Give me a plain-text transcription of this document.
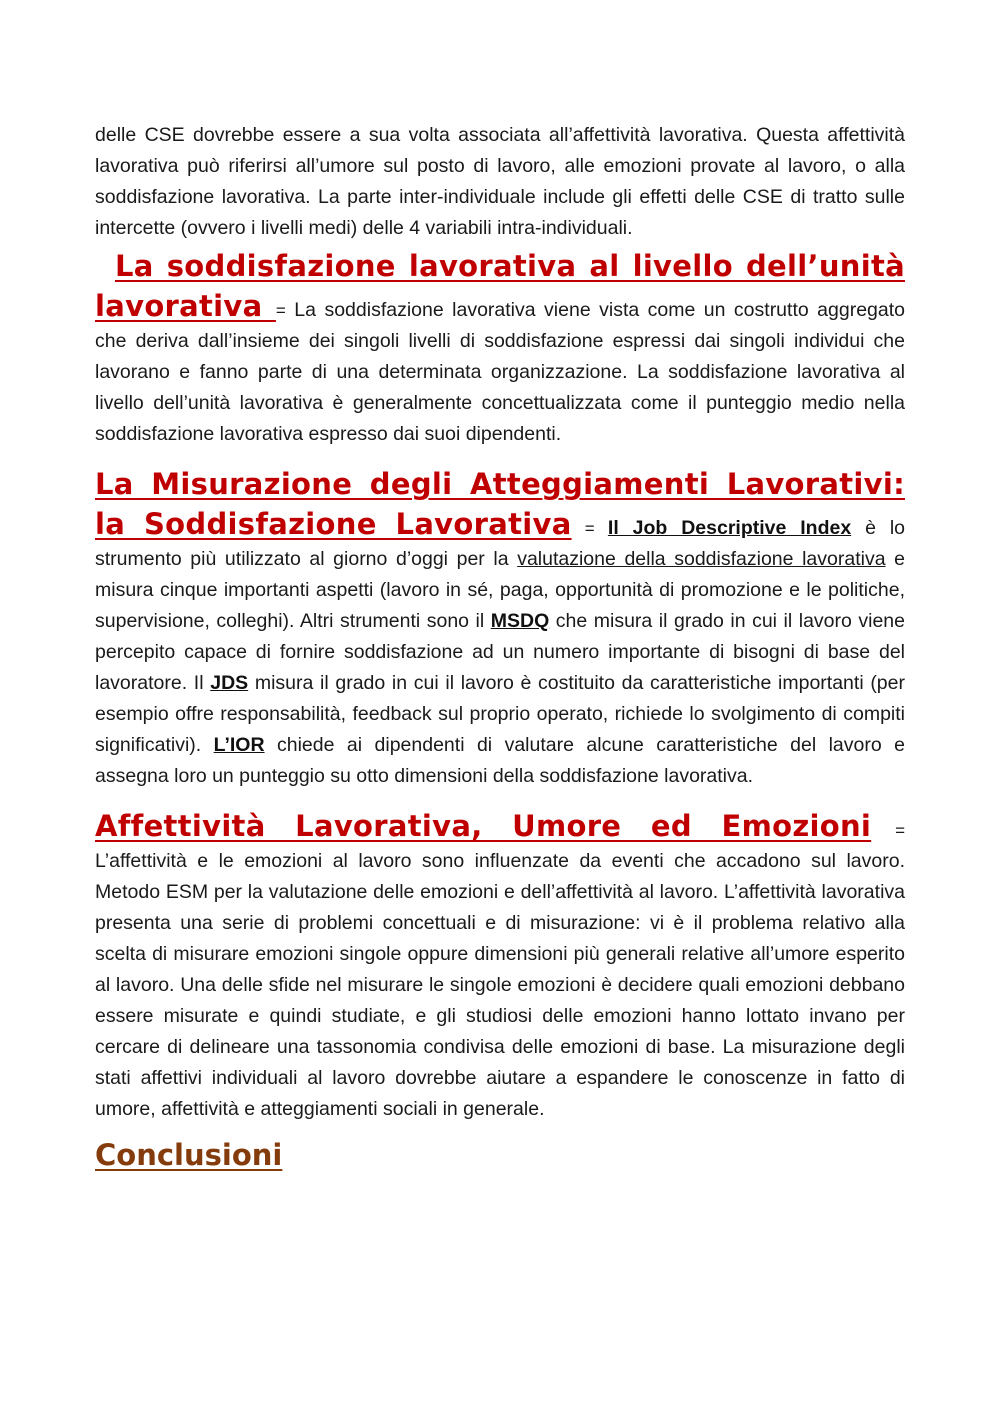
delle CSE dovrebbe essere a sua volta associata all’affettività lavorativa. Questa affettività lavorativa può riferirsi all’umore sul posto di lavoro, alle emozioni provate al lavoro, o alla soddisfazione lavorativa. La parte inter-individuale include gli effetti delle CSE di tratto sulle intercette (ovvero i livelli medi) delle 4 variabili intra-individuali.

La soddisfazione lavorativa al livello dell’unità lavorativa = La soddisfazione lavorativa viene vista come un costrutto aggregato che deriva dall’insieme dei singoli livelli di soddisfazione espressi dai singoli individui che lavorano e fanno parte di una determinata organizzazione. La soddisfazione lavorativa al livello dell’unità lavorativa è generalmente concettualizzata come il punteggio medio nella soddisfazione lavorativa espresso dai suoi dipendenti.

La Misurazione degli Atteggiamenti Lavorativi: la Soddisfazione Lavorativa = Il Job Descriptive Index è lo strumento più utilizzato al giorno d’oggi per la valutazione della soddisfazione lavorativa e misura cinque importanti aspetti (lavoro in sé, paga, opportunità di promozione e le politiche, supervisione, colleghi). Altri strumenti sono il MSDQ che misura il grado in cui il lavoro viene percepito capace di fornire soddisfazione ad un numero importante di bisogni di base del lavoratore. Il JDS misura il grado in cui il lavoro è costituito da caratteristiche importanti (per esempio offre responsabilità, feedback sul proprio operato, richiede lo svolgimento di compiti significativi). L’IOR chiede ai dipendenti di valutare alcune caratteristiche del lavoro e assegna loro un punteggio su otto dimensioni della soddisfazione lavorativa.

Affettività Lavorativa, Umore ed Emozioni = L’affettività e le emozioni al lavoro sono influenzate da eventi che accadono sul lavoro. Metodo ESM per la valutazione delle emozioni e dell’affettività al lavoro. L’affettività lavorativa presenta una serie di problemi concettuali e di misurazione: vi è il problema relativo alla scelta di misurare emozioni singole oppure dimensioni più generali relative all’umore esperito al lavoro. Una delle sfide nel misurare le singole emozioni è decidere quali emozioni debbano essere misurate e quindi studiate, e gli studiosi delle emozioni hanno lottato invano per cercare di delineare una tassonomia condivisa delle emozioni di base. La misurazione degli stati affettivi individuali al lavoro dovrebbe aiutare a espandere le conoscenze in fatto di umore, affettività e atteggiamenti sociali in generale.

Conclusioni
